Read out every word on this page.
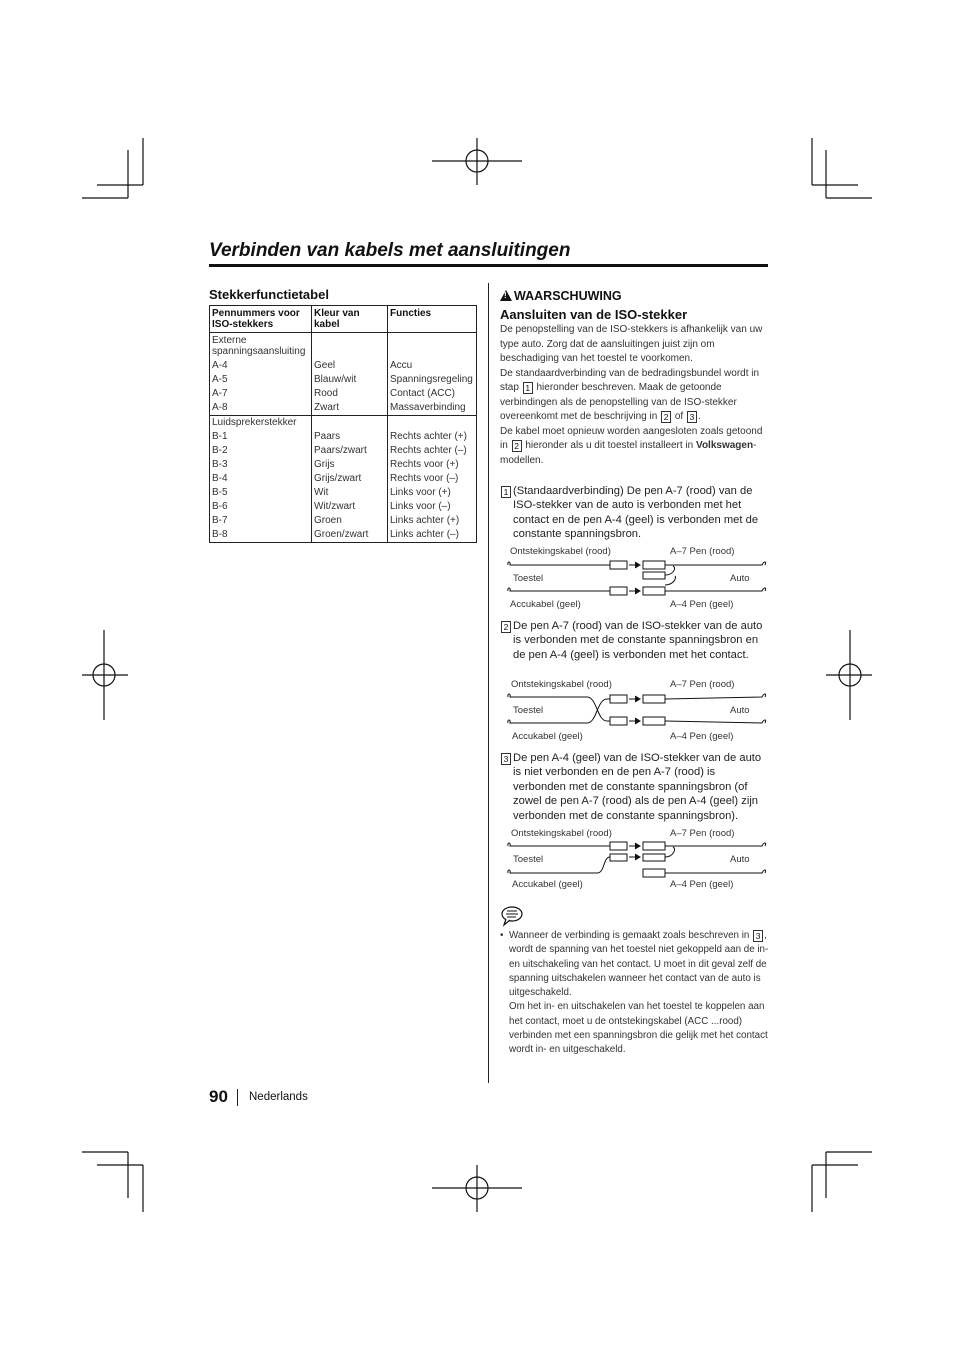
Verbinden van kabels met aansluitingen
Stekkerfunctietabel
Pennummers voor ISO-stekkers	Kleur van kabel	Functies
Externe spanningsaansluiting		
A-4	Geel	Accu
A-5	Blauw/wit	Spanningsregeling
A-7	Rood	Contact (ACC)
A-8	Zwart	Massaverbinding
Luidsprekerstekker		
B-1	Paars	Rechts achter (+)
B-2	Paars/zwart	Rechts achter (–)
B-3	Grijs	Rechts voor (+)
B-4	Grijs/zwart	Rechts voor (–)
B-5	Wit	Links voor (+)
B-6	Wit/zwart	Links voor (–)
B-7	Groen	Links achter (+)
B-8	Groen/zwart	Links achter (–)
!WAARSCHUWING
Aansluiten van de ISO-stekker

De penopstelling van de ISO-stekkers is afhankelijk van uw type auto. Zorg dat de aansluitingen juist zijn om beschadiging van het toestel te voorkomen.

De standaardverbinding van de bedradingsbundel wordt in stap 1 hieronder beschreven. Maak de getoonde verbindingen als de penopstelling van de ISO-stekker overeenkomt met de beschrijving in 2 of 3 .

De kabel moet opnieuw worden aangesloten zoals getoond in 2 hieronder als u dit toestel installeert in Volkswagen-modellen.

1 (Standaardverbinding) De pen A-7 (rood) van de ISO-stekker van de auto is verbonden met het contact en de pen A-4 (geel) is verbonden met de constante spanningsbron.
Ontstekingskabel (rood)	A–7 Pen (rood)
Toestel	Auto
Accukabel (geel)	A–4 Pen (geel)
2 De pen A-7 (rood) van de ISO-stekker van de auto is verbonden met de constante spanningsbron en de pen A-4 (geel) is verbonden met het contact.
Ontstekingskabel (rood)	A–7 Pen (rood)
Toestel	Auto
Accukabel (geel)	A–4 Pen (geel)
3 De pen A-4 (geel) van de ISO-stekker van de auto is niet verbonden en de pen A-7 (rood) is verbonden met de constante spanningsbron (of zowel de pen A-7 (rood) als de pen A-4 (geel) zijn verbonden met de constante spanningsbron).
Ontstekingskabel (rood)	A–7 Pen (rood)
Toestel	Auto
Accukabel (geel)	A–4 Pen (geel)
• Wanneer de verbinding is gemaakt zoals beschreven in 3 , wordt de spanning van het toestel niet gekoppeld aan de in- en uitschakeling van het contact. U moet in dit geval zelf de spanning uitschakelen wanneer het contact van de auto is uitgeschakeld.

Om het in- en uitschakelen van het toestel te koppelen aan het contact, moet u de ontstekingskabel (ACC ...rood) verbinden met een spanningsbron die gelijk met het contact wordt in- en uitgeschakeld.

90 Nederlands
